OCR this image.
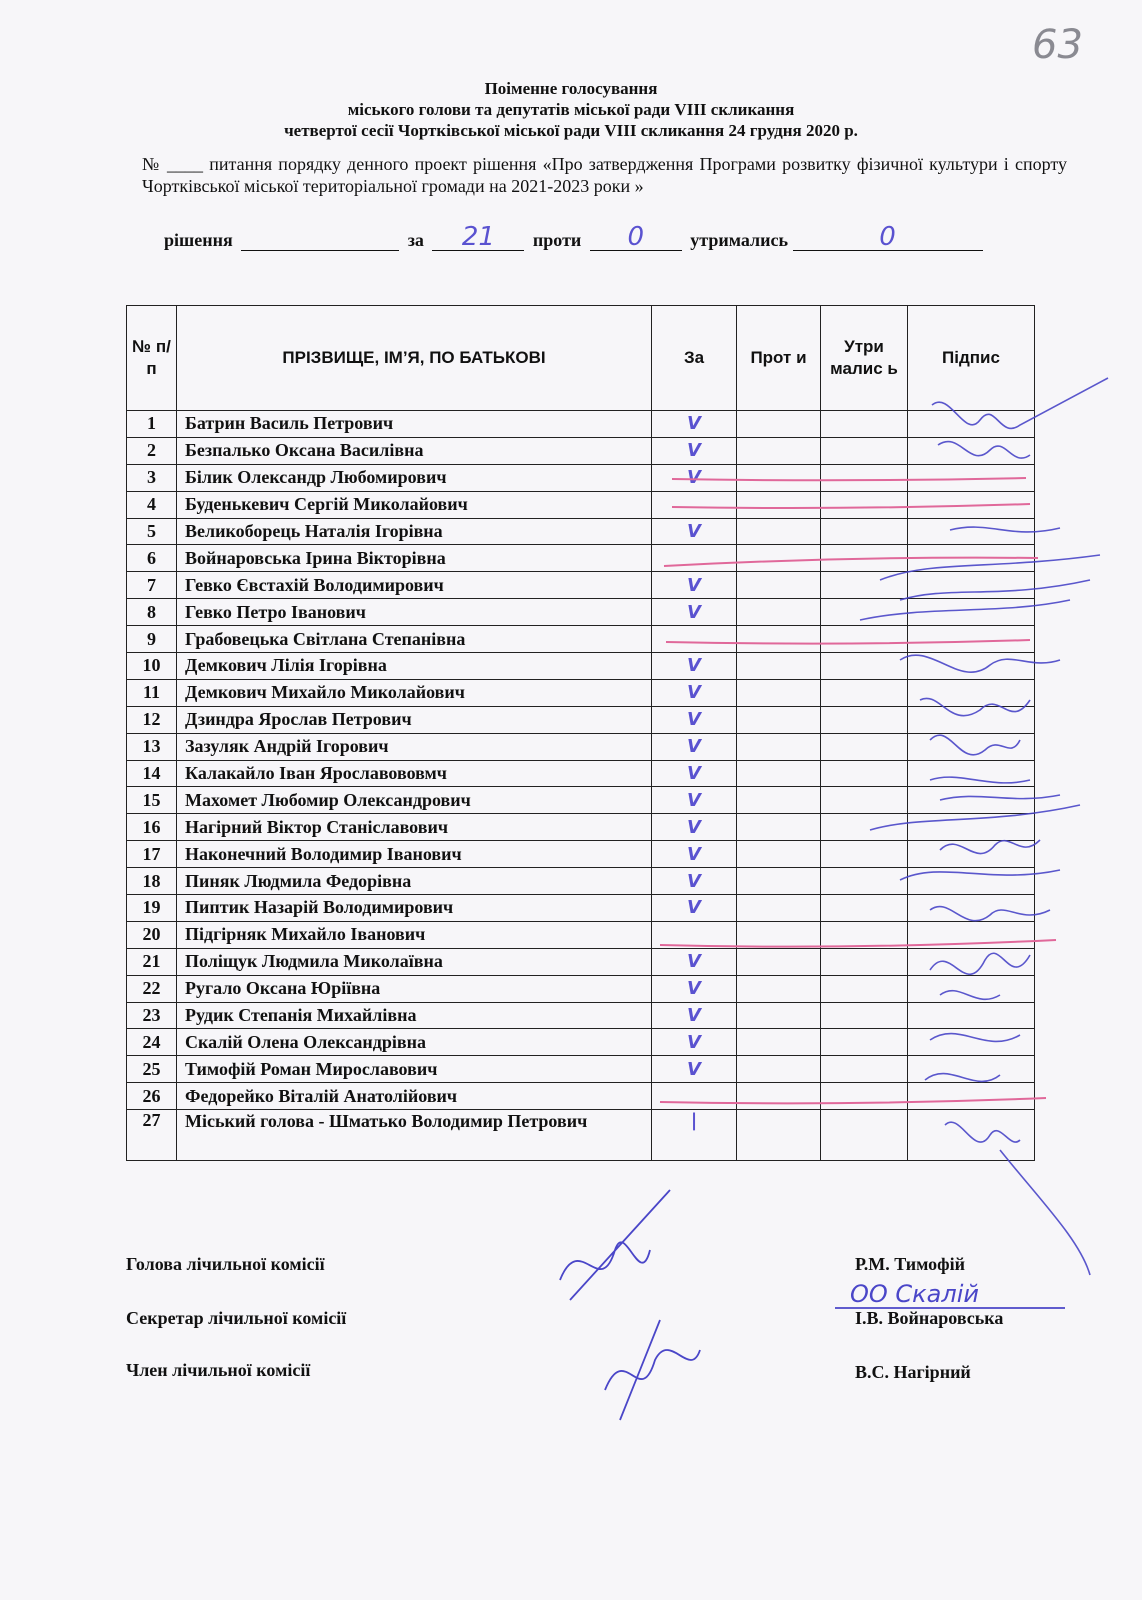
63
Поіменне голосування
міського голови та депутатів міської ради VIII скликання
четвертої сесії Чортківської міської ради VIII скликання 24 грудня 2020 р.
№ ____ питання порядку денного проект рішення «Про затвердження Програми розвитку фізичної культури і спорту Чортківської міської територіальної громади на 2021-2023 роки »
рішення	за	21	проти	0	утримались	0
№ п/п	ПРІЗВИЩЕ, ІМ’Я, ПО БАТЬКОВІ	За	Прот и	Утри малис ь	Підпис
1	Батрин Василь Петрович	V			
2	Безпалько Оксана Василівна	V			
3	Білик Олександр Любомирович	V			
4	Буденькевич Сергій Миколайович				
5	Великоборець Наталія Ігорівна	V			
6	Войнаровська Ірина Вікторівна				
7	Гевко Євстахій Володимирович	V			
8	Гевко Петро Іванович	V			
9	Грабовецька Світлана Степанівна				
10	Демкович Лілія Ігорівна	V			
11	Демкович Михайло Миколайович	V			
12	Дзиндра Ярослав Петрович	V			
13	Зазуляк Андрій Ігорович	V			
14	Калакайло Іван Ярославововмч	V			
15	Махомет Любомир Олександрович	V			
16	Нагірний Віктор Станіславович	V			
17	Наконечний Володимир Іванович	V			
18	Пиняк Людмила Федорівна	V			
19	Пиптик Назарій Володимирович	V			
20	Підгірняк Михайло Іванович				
21	Поліщук Людмила Миколаївна	V			
22	Ругало Оксана Юріївна	V			
23	Рудик Степанія Михайлівна	V			
24	Скалій Олена Олександрівна	V			
25	Тимофій Роман Мирославович	V			
26	Федорейко Віталій Анатолійович				
27	Міський голова - Шматько Володимир Петрович	|			
ОО Скалій
Голова лічильної комісії	Р.М. Тимофій
Секретар лічильної комісії	І.В. Войнаровська
Член лічильної комісії	В.С. Нагірний
